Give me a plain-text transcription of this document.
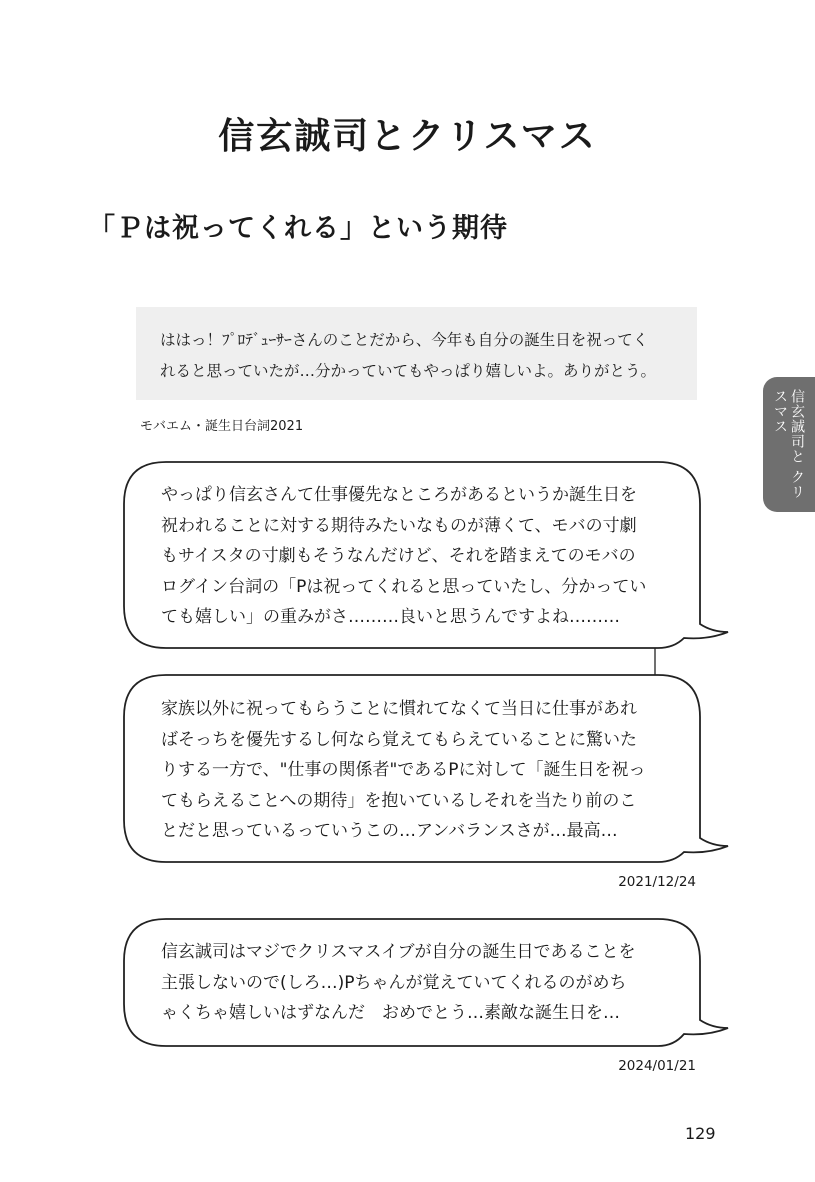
信玄誠司とクリスマス
「Ｐは祝ってくれる」という期待

ははっ！ﾌﾟﾛﾃﾞｭｰｻｰさんのことだから、今年も自分の誕生日を祝ってく

れると思っていたが…分かっていてもやっぱり嬉しいよ。ありがとう。

モバエム・誕生日台詞2021	信玄誠司と クリスマス

やっぱり信玄さんて仕事優先なところがあるというか誕生日を

祝われることに対する期待みたいなものが薄くて、モバの寸劇

もサイスタの寸劇もそうなんだけど、それを踏まえてのモバの

ログイン台詞の「Pは祝ってくれると思っていたし、分かってい

ても嬉しい」の重みがさ………良いと思うんですよね………

家族以外に祝ってもらうことに慣れてなくて当日に仕事があれ

ばそっちを優先するし何なら覚えてもらえていることに驚いた

りする一方で、"仕事の関係者"であるPに対して「誕生日を祝っ

てもらえることへの期待」を抱いているしそれを当たり前のこ

とだと思っているっていうこの…アンバランスさが…最高…

2021/12/24

信玄誠司はマジでクリスマスイブが自分の誕生日であることを

主張しないので(しろ…)Pちゃんが覚えていてくれるのがめち

ゃくちゃ嬉しいはずなんだ　おめでとう…素敵な誕生日を…

2024/01/21
129
